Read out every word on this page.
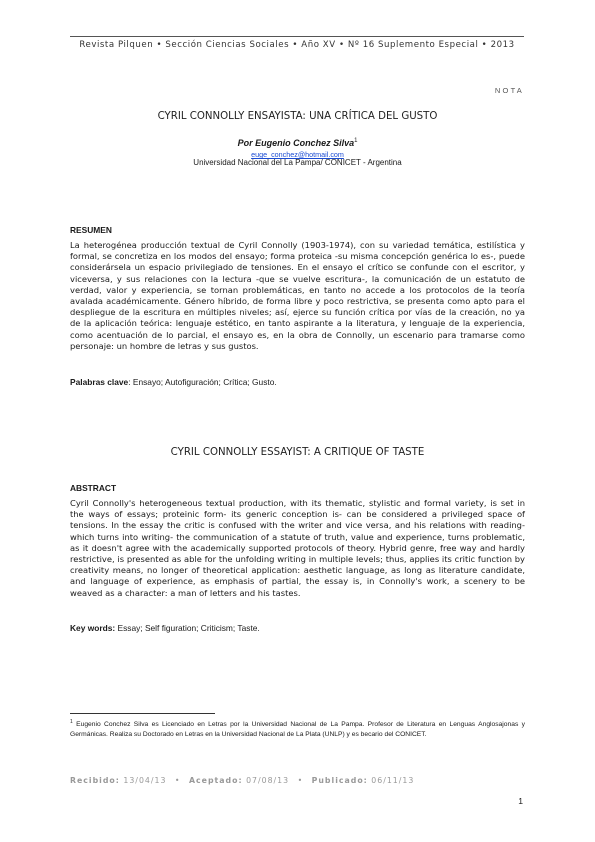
Revista Pilquen • Sección Ciencias Sociales • Año XV • Nº 16 Suplemento Especial • 2013
NOTA
CYRIL CONNOLLY ENSAYISTA: UNA CRÍTICA DEL GUSTO
Por Eugenio Conchez Silva$^1$
euge_conchez@hotmail.com
Universidad Nacional del La Pampa/ CONICET - Argentina
RESUMEN

La heterogénea producción textual de Cyril Connolly (1903-1974), con su variedad temática, estilística y formal, se concretiza en los modos del ensayo; forma proteica -su misma concepción genérica lo es-, puede considerársela un espacio privilegiado de tensiones. En el ensayo el crítico se confunde con el escritor, y viceversa, y sus relaciones con la lectura -que se vuelve escritura-, la comunicación de un estatuto de verdad, valor y experiencia, se tornan problemáticas, en tanto no accede a los protocolos de la teoría avalada académicamente. Género híbrido, de forma libre y poco restrictiva, se presenta como apto para el despliegue de la escritura en múltiples niveles; así, ejerce su función crítica por vías de la creación, no ya de la aplicación teórica: lenguaje estético, en tanto aspirante a la literatura, y lenguaje de la experiencia, como acentuación de lo parcial, el ensayo es, en la obra de Connolly, un escenario para tramarse como personaje: un hombre de letras y sus gustos.

Palabras clave: Ensayo; Autofiguración; Crítica; Gusto.
CYRIL CONNOLLY ESSAYIST: A CRITIQUE OF TASTE
ABSTRACT

Cyril Connolly's heterogeneous textual production, with its thematic, stylistic and formal variety, is set in the ways of essays; proteinic form- its generic conception is- can be considered a privileged space of tensions. In the essay the critic is confused with the writer and vice versa, and his relations with reading- which turns into writing- the communication of a statute of truth, value and experience, turns problematic, as it doesn't agree with the academically supported protocols of theory. Hybrid genre, free way and hardly restrictive, is presented as able for the unfolding writing in multiple levels; thus, applies its critic function by creativity means, no longer of theoretical application: aesthetic language, as long as literature candidate, and language of experience, as emphasis of partial, the essay is, in Connolly's work, a scenery to be weaved as a character: a man of letters and his tastes.

Key words: Essay; Self figuration; Criticism; Taste.
$^1$ Eugenio Conchez Silva es Licenciado en Letras por la Universidad Nacional de La Pampa. Profesor de Literatura en Lenguas Anglosajonas y Germánicas. Realiza su Doctorado en Letras en la Universidad Nacional de La Plata (UNLP) y es becario del CONICET.
Recibido: 13/04/13 • Aceptado: 07/08/13 • Publicado: 06/11/13
1
